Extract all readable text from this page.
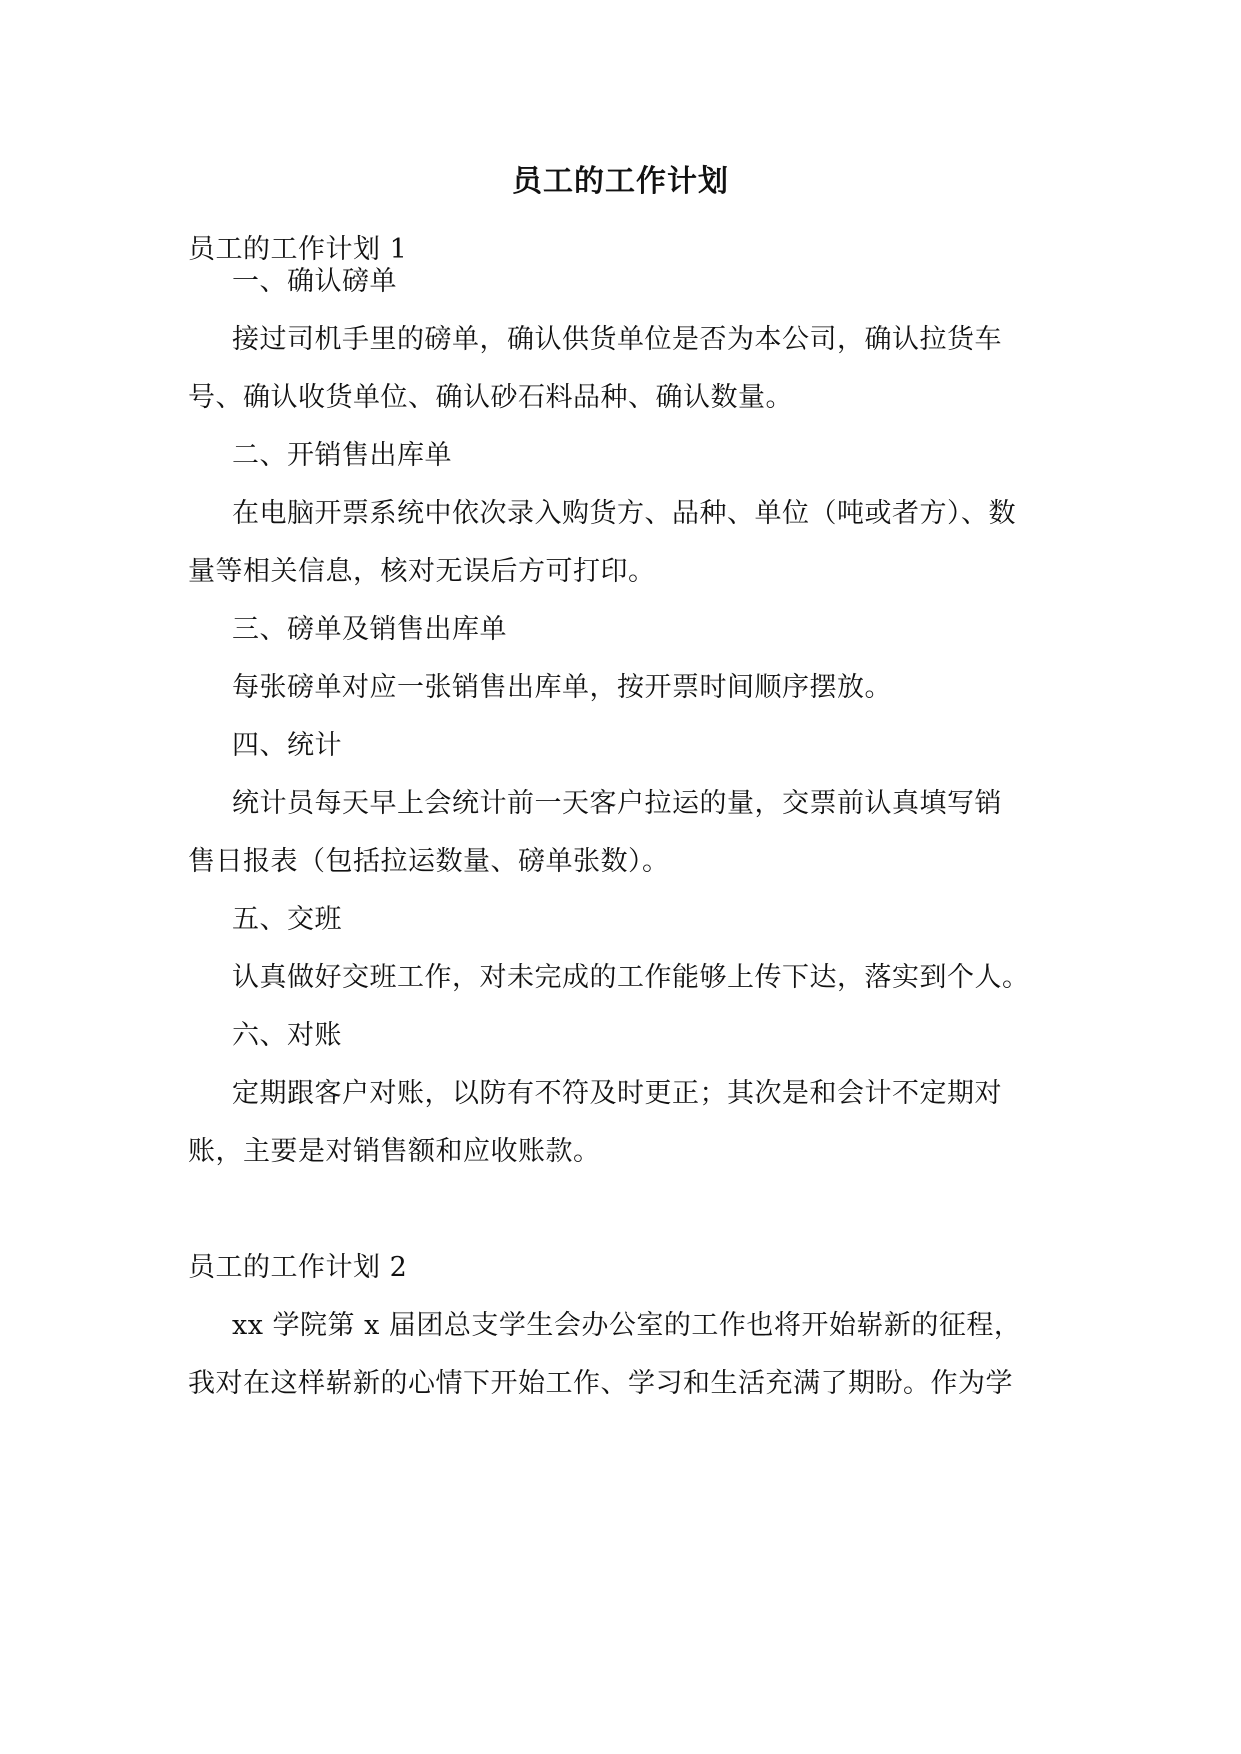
员工的工作计划
员工的工作计划 1
一、确认磅单
接过司机手里的磅单，确认供货单位是否为本公司，确认拉货车
号、确认收货单位、确认砂石料品种、确认数量。
二、开销售出库单
在电脑开票系统中依次录入购货方、品种、单位（吨或者方）、数
量等相关信息，核对无误后方可打印。
三、磅单及销售出库单
每张磅单对应一张销售出库单，按开票时间顺序摆放。
四、统计
统计员每天早上会统计前一天客户拉运的量，交票前认真填写销
售日报表（包括拉运数量、磅单张数）。
五、交班
认真做好交班工作，对未完成的工作能够上传下达，落实到个人。
六、对账
定期跟客户对账，以防有不符及时更正；其次是和会计不定期对
账，主要是对销售额和应收账款。
员工的工作计划 2
xx 学院第 x 届团总支学生会办公室的工作也将开始崭新的征程，
我对在这样崭新的心情下开始工作、学习和生活充满了期盼。作为学
